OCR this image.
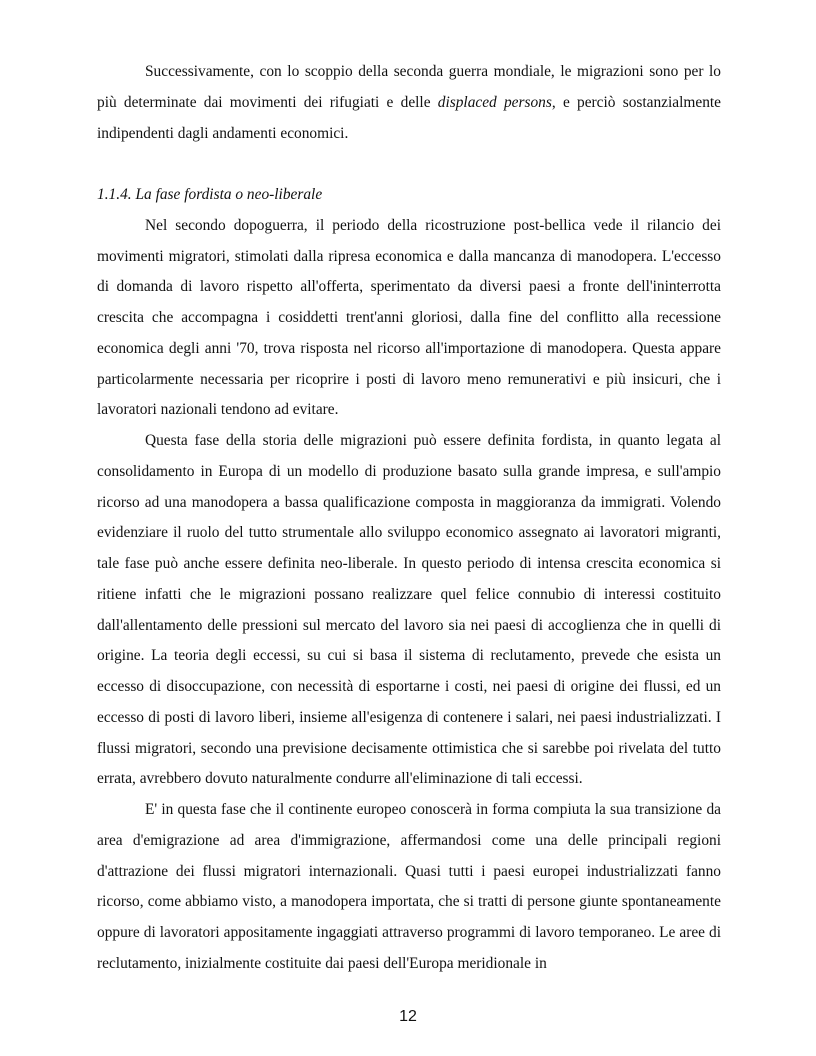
Successivamente, con lo scoppio della seconda guerra mondiale, le migrazioni sono per lo più determinate dai movimenti dei rifugiati e delle displaced persons, e perciò sostanzialmente indipendenti dagli andamenti economici.

1.1.4. La fase fordista o neo-liberale

Nel secondo dopoguerra, il periodo della ricostruzione post-bellica vede il rilancio dei movimenti migratori, stimolati dalla ripresa economica e dalla mancanza di manodopera. L'eccesso di domanda di lavoro rispetto all'offerta, sperimentato da diversi paesi a fronte dell'ininterrotta crescita che accompagna i cosiddetti trent'anni gloriosi, dalla fine del conflitto alla recessione economica degli anni '70, trova risposta nel ricorso all'importazione di manodopera. Questa appare particolarmente necessaria per ricoprire i posti di lavoro meno remunerativi e più insicuri, che i lavoratori nazionali tendono ad evitare.

Questa fase della storia delle migrazioni può essere definita fordista, in quanto legata al consolidamento in Europa di un modello di produzione basato sulla grande impresa, e sull'ampio ricorso ad una manodopera a bassa qualificazione composta in maggioranza da immigrati. Volendo evidenziare il ruolo del tutto strumentale allo sviluppo economico assegnato ai lavoratori migranti, tale fase può anche essere definita neo-liberale. In questo periodo di intensa crescita economica si ritiene infatti che le migrazioni possano realizzare quel felice connubio di interessi costituito dall'allentamento delle pressioni sul mercato del lavoro sia nei paesi di accoglienza che in quelli di origine. La teoria degli eccessi, su cui si basa il sistema di reclutamento, prevede che esista un eccesso di disoccupazione, con necessità di esportarne i costi, nei paesi di origine dei flussi, ed un eccesso di posti di lavoro liberi, insieme all'esigenza di contenere i salari, nei paesi industrializzati. I flussi migratori, secondo una previsione decisamente ottimistica che si sarebbe poi rivelata del tutto errata, avrebbero dovuto naturalmente condurre all'eliminazione di tali eccessi.

E' in questa fase che il continente europeo conoscerà in forma compiuta la sua transizione da area d'emigrazione ad area d'immigrazione, affermandosi come una delle principali regioni d'attrazione dei flussi migratori internazionali. Quasi tutti i paesi europei industrializzati fanno ricorso, come abbiamo visto, a manodopera importata, che si tratti di persone giunte spontaneamente oppure di lavoratori appositamente ingaggiati attraverso programmi di lavoro temporaneo. Le aree di reclutamento, inizialmente costituite dai paesi dell'Europa meridionale in

12
